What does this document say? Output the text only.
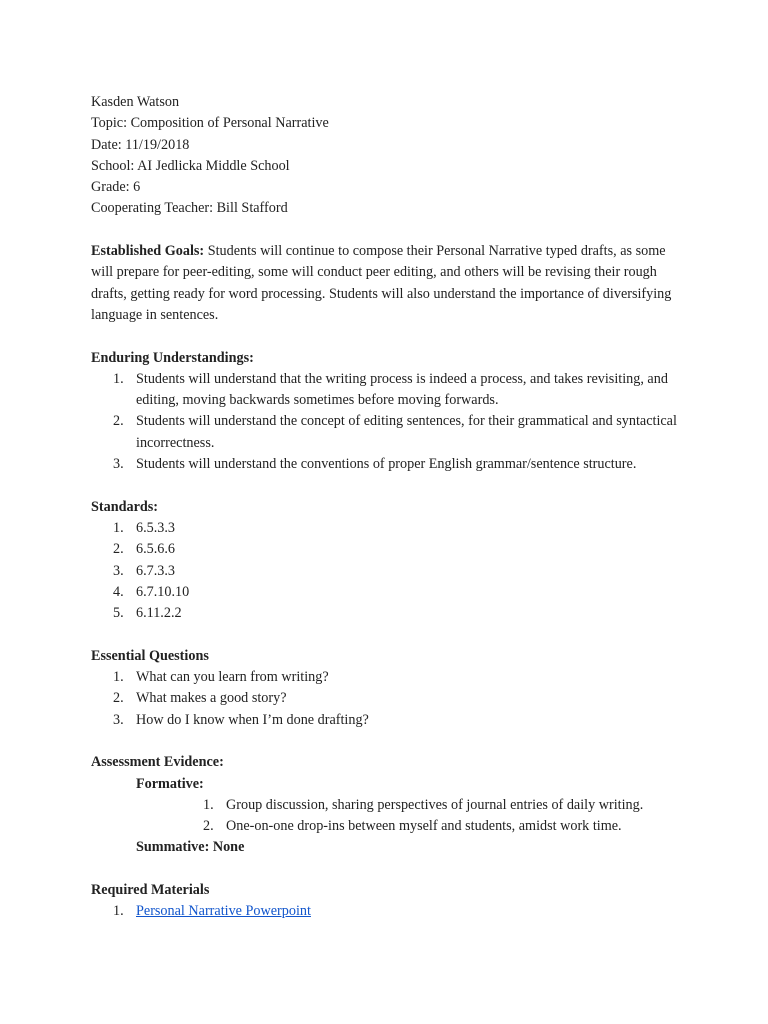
Kasden Watson
Topic: Composition of Personal Narrative
Date: 11/19/2018
School: AI Jedlicka Middle School
Grade: 6
Cooperating Teacher: Bill Stafford
Established Goals: Students will continue to compose their Personal Narrative typed drafts, as some will prepare for peer-editing, some will conduct peer editing, and others will be revising their rough drafts, getting ready for word processing. Students will also understand the importance of diversifying language in sentences.
Enduring Understandings:
1. Students will understand that the writing process is indeed a process, and takes revisiting, and editing, moving backwards sometimes before moving forwards.
2. Students will understand the concept of editing sentences, for their grammatical and syntactical incorrectness.
3. Students will understand the conventions of proper English grammar/sentence structure.
Standards:
1. 6.5.3.3
2. 6.5.6.6
3. 6.7.3.3
4. 6.7.10.10
5. 6.11.2.2
Essential Questions
1. What can you learn from writing?
2. What makes a good story?
3. How do I know when I’m done drafting?
Assessment Evidence:
Formative:
1. Group discussion, sharing perspectives of journal entries of daily writing.
2. One-on-one drop-ins between myself and students, amidst work time.
Summative: None
Required Materials
1. Personal Narrative Powerpoint
